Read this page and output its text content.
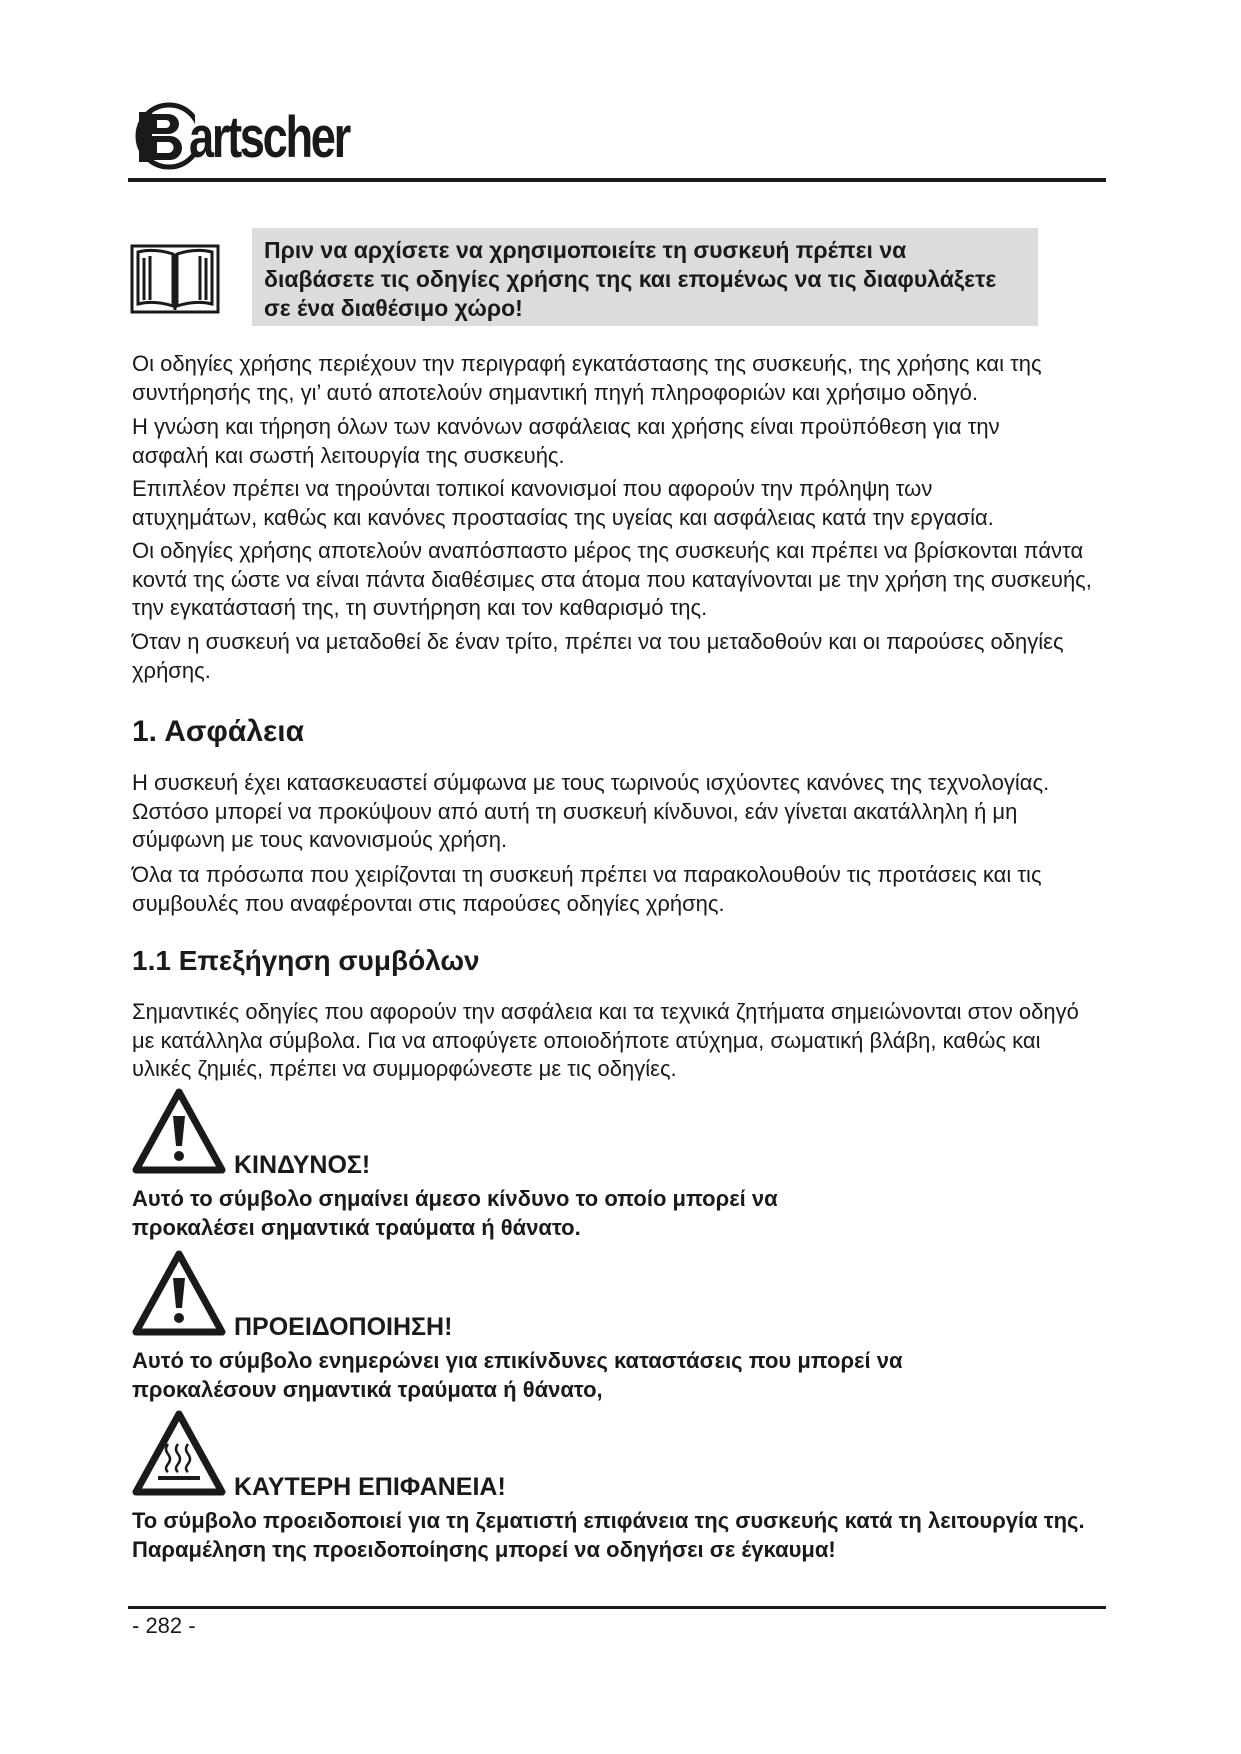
artscher

Πριν να αρχίσετε να χρησιμοποιείτε τη συσκευή πρέπει να διαβάσετε τις οδηγίες χρήσης της και επομένως να τις διαφυλάξετε σε ένα διαθέσιμο χώρο!

Οι οδηγίες χρήσης περιέχουν την περιγραφή εγκατάστασης της συσκευής, της χρήσης και της συντήρησής της, γι’ αυτό αποτελούν σημαντική πηγή πληροφοριών και χρήσιμο οδηγό.

Η γνώση και τήρηση όλων των κανόνων ασφάλειας και χρήσης είναι προϋπόθεση για την ασφαλή και σωστή λειτουργία της συσκευής.

Επιπλέον πρέπει να τηρούνται τοπικοί κανονισμοί που αφορούν την πρόληψη των ατυχημάτων, καθώς και κανόνες προστασίας της υγείας και ασφάλειας κατά την εργασία.

Οι οδηγίες χρήσης αποτελούν αναπόσπαστο μέρος της συσκευής και πρέπει να βρίσκονται πάντα κοντά της ώστε να είναι πάντα διαθέσιμες στα άτομα που καταγίνονται με την χρήση της συσκευής, την εγκατάστασή της, τη συντήρηση και τον καθαρισμό της.

Όταν η συσκευή να μεταδοθεί δε έναν τρίτο, πρέπει να του μεταδοθούν και οι παρούσες οδηγίες χρήσης.

1. Ασφάλεια

Η συσκευή έχει κατασκευαστεί σύμφωνα με τους τωρινούς ισχύοντες κανόνες της τεχνολογίας. Ωστόσο μπορεί να προκύψουν από αυτή τη συσκευή κίνδυνοι, εάν γίνεται ακατάλληλη ή μη σύμφωνη με τους κανονισμούς χρήση.

Όλα τα πρόσωπα που χειρίζονται τη συσκευή πρέπει να παρακολουθούν τις προτάσεις και τις συμβουλές που αναφέρονται στις παρούσες οδηγίες χρήσης.

1.1 Επεξήγηση συμβόλων

Σημαντικές οδηγίες που αφορούν την ασφάλεια και τα τεχνικά ζητήματα σημειώνονται στον οδηγό με κατάλληλα σύμβολα. Για να αποφύγετε οποιοδήποτε ατύχημα, σωματική βλάβη, καθώς και υλικές ζημιές, πρέπει να συμμορφώνεστε με τις οδηγίες.

ΚΙΝΔΥΝΟΣ!

Αυτό το σύμβολο σημαίνει άμεσο κίνδυνο το οποίο μπορεί να προκαλέσει σημαντικά τραύματα ή θάνατο.

ΠΡΟΕΙΔΟΠΟΙΗΣΗ!

Αυτό το σύμβολο ενημερώνει για επικίνδυνες καταστάσεις που μπορεί να προκαλέσουν σημαντικά τραύματα ή θάνατο,

ΚΑΥΤΕΡΗ ΕΠΙΦΑΝΕΙΑ!

Το σύμβολο προειδοποιεί για τη ζεματιστή επιφάνεια της συσκευής κατά τη λειτουργία της. Παραμέληση της προειδοποίησης μπορεί να οδηγήσει σε έγκαυμα!

- 282 -
